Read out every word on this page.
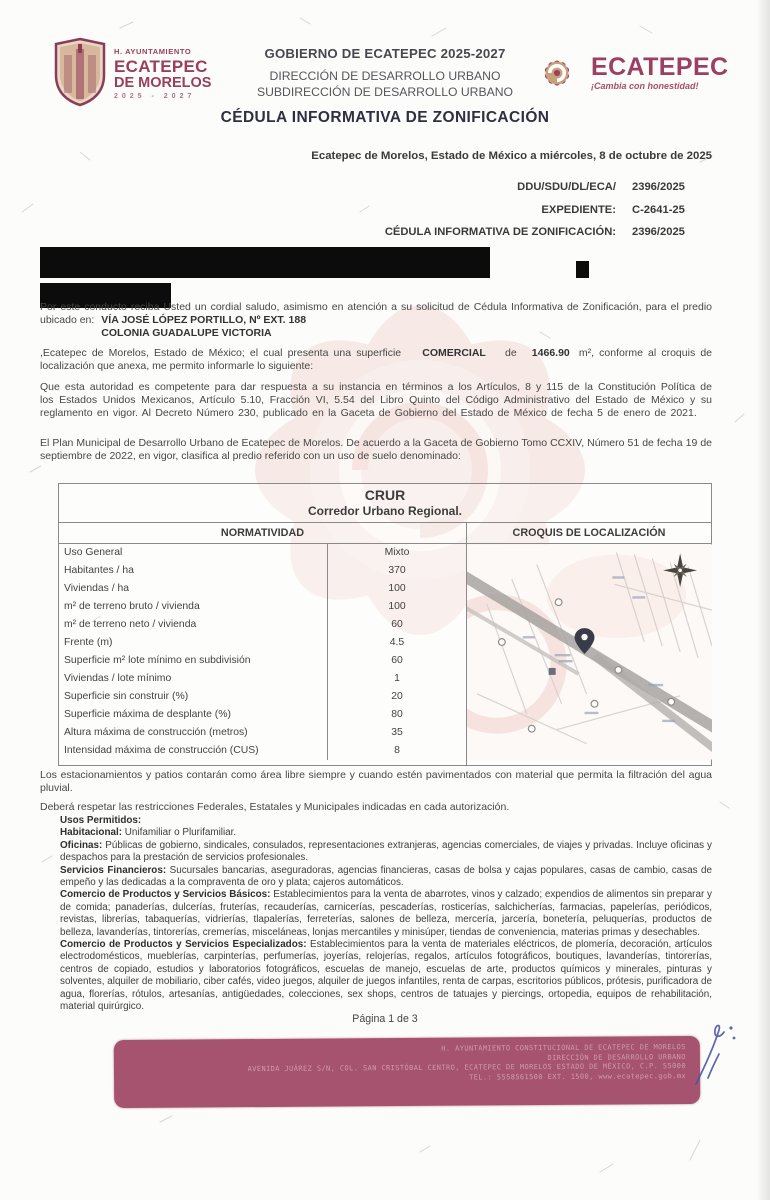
H. AYUNTAMIENTO
ECATEPEC
DE MORELOS
2025 - 2027
GOBIERNO DE ECATEPEC 2025-2027
DIRECCIÓN DE DESARROLLO URBANO
SUBDIRECCIÓN DE DESARROLLO URBANO
ECATEPEC
¡Cambia con honestidad!
CÉDULA INFORMATIVA DE ZONIFICACIÓN
Ecatepec de Morelos, Estado de México a miércoles, 8 de octubre de 2025
DDU/SDU/DL/ECA/ 2396/2025
EXPEDIENTE: C-2641-25
CÉDULA INFORMATIVA DE ZONIFICACIÓN: 2396/2025
Por este conducto reciba Usted un cordial saludo, asimismo en atención a su solicitud de Cédula Informativa de Zonificación, para el predio ubicado en: VÍA JOSÉ LÓPEZ PORTILLO, Nº EXT. 188
COLONIA GUADALUPE VICTORIA
,Ecatepec de Morelos, Estado de México; el cual presenta una superficie COMERCIAL de 1466.90 m², conforme al croquis de localización que anexa, me permito informarle lo siguiente:
Que esta autoridad es competente para dar respuesta a su instancia en términos a los Artículos, 8 y 115 de la Constitución Política de los Estados Unidos Mexicanos, Artículo 5.10, Fracción VI, 5.54 del Libro Quinto del Código Administrativo del Estado de México y su reglamento en vigor. Al Decreto Número 230, publicado en la Gaceta de Gobierno del Estado de México de fecha 5 de enero de 2021.
El Plan Municipal de Desarrollo Urbano de Ecatepec de Morelos. De acuerdo a la Gaceta de Gobierno Tomo CCXIV, Número 51 de fecha 19 de septiembre de 2022, en vigor, clasifica al predio referido con un uso de suelo denominado:
CRUR
Corredor Urbano Regional.
NORMATIVIDAD	CROQUIS DE LOCALIZACIÓN
Uso General	Mixto
Habitantes / ha	370
Viviendas / ha	100
m² de terreno bruto / vivienda	100
m² de terreno neto / vivienda	60
Frente (m)	4.5
Superficie m² lote mínimo en subdivisión	60
Viviendas / lote mínimo	1
Superficie sin construir (%)	20
Superficie máxima de desplante (%)	80
Altura máxima de construcción (metros)	35
Intensidad máxima de construcción (CUS)	8
Los estacionamientos y patios contarán como área libre siempre y cuando estén pavimentados con material que permita la filtración del agua pluvial.
Deberá respetar las restricciones Federales, Estatales y Municipales indicadas en cada autorización.

Usos Permitidos:

Habitacional: Unifamiliar o Plurifamiliar.

Oficinas: Públicas de gobierno, sindicales, consulados, representaciones extranjeras, agencias comerciales, de viajes y privadas. Incluye oficinas y despachos para la prestación de servicios profesionales.

Servicios Financieros: Sucursales bancarias, aseguradoras, agencias financieras, casas de bolsa y cajas populares, casas de cambio, casas de empeño y las dedicadas a la compraventa de oro y plata; cajeros automáticos.

Comercio de Productos y Servicios Básicos: Establecimientos para la venta de abarrotes, vinos y calzado; expendios de alimentos sin preparar y de comida; panaderías, dulcerías, fruterías, recauderías, carnicerías, pescaderías, rosticerías, salchicherías, farmacias, papelerías, periódicos, revistas, librerías, tabaquerías, vidrierías, tlapalerías, ferreterías, salones de belleza, mercería, jarcería, bonetería, peluquerías, productos de belleza, lavanderías, tintorerías, cremerías, misceláneas, lonjas mercantiles y minisúper, tiendas de conveniencia, materias primas y desechables.

Comercio de Productos y Servicios Especializados: Establecimientos para la venta de materiales eléctricos, de plomería, decoración, artículos electrodomésticos, mueblerías, carpinterías, perfumerías, joyerías, relojerías, regalos, artículos fotográficos, boutiques, lavanderías, tintorerías, centros de copiado, estudios y laboratorios fotográficos, escuelas de manejo, escuelas de arte, productos químicos y minerales, pinturas y solventes, alquiler de mobiliario, ciber cafés, video juegos, alquiler de juegos infantiles, renta de carpas, escritorios públicos, prótesis, purificadora de agua, florerías, rótulos, artesanías, antigüedades, colecciones, sex shops, centros de tatuajes y piercings, ortopedia, equipos de rehabilitación, material quirúrgico.

Página 1 de 3
H. AYUNTAMIENTO CONSTITUCIONAL DE ECATEPEC DE MORELOS
DIRECCIÓN DE DESARROLLO URBANO
AVENIDA JUÁREZ S/N, COL. SAN CRISTÓBAL CENTRO, ECATEPEC DE MORELOS ESTADO DE MÉXICO, C.P. 55000
TEL.: 5558561500 EXT. 1500, www.ecatepec.gob.mx
